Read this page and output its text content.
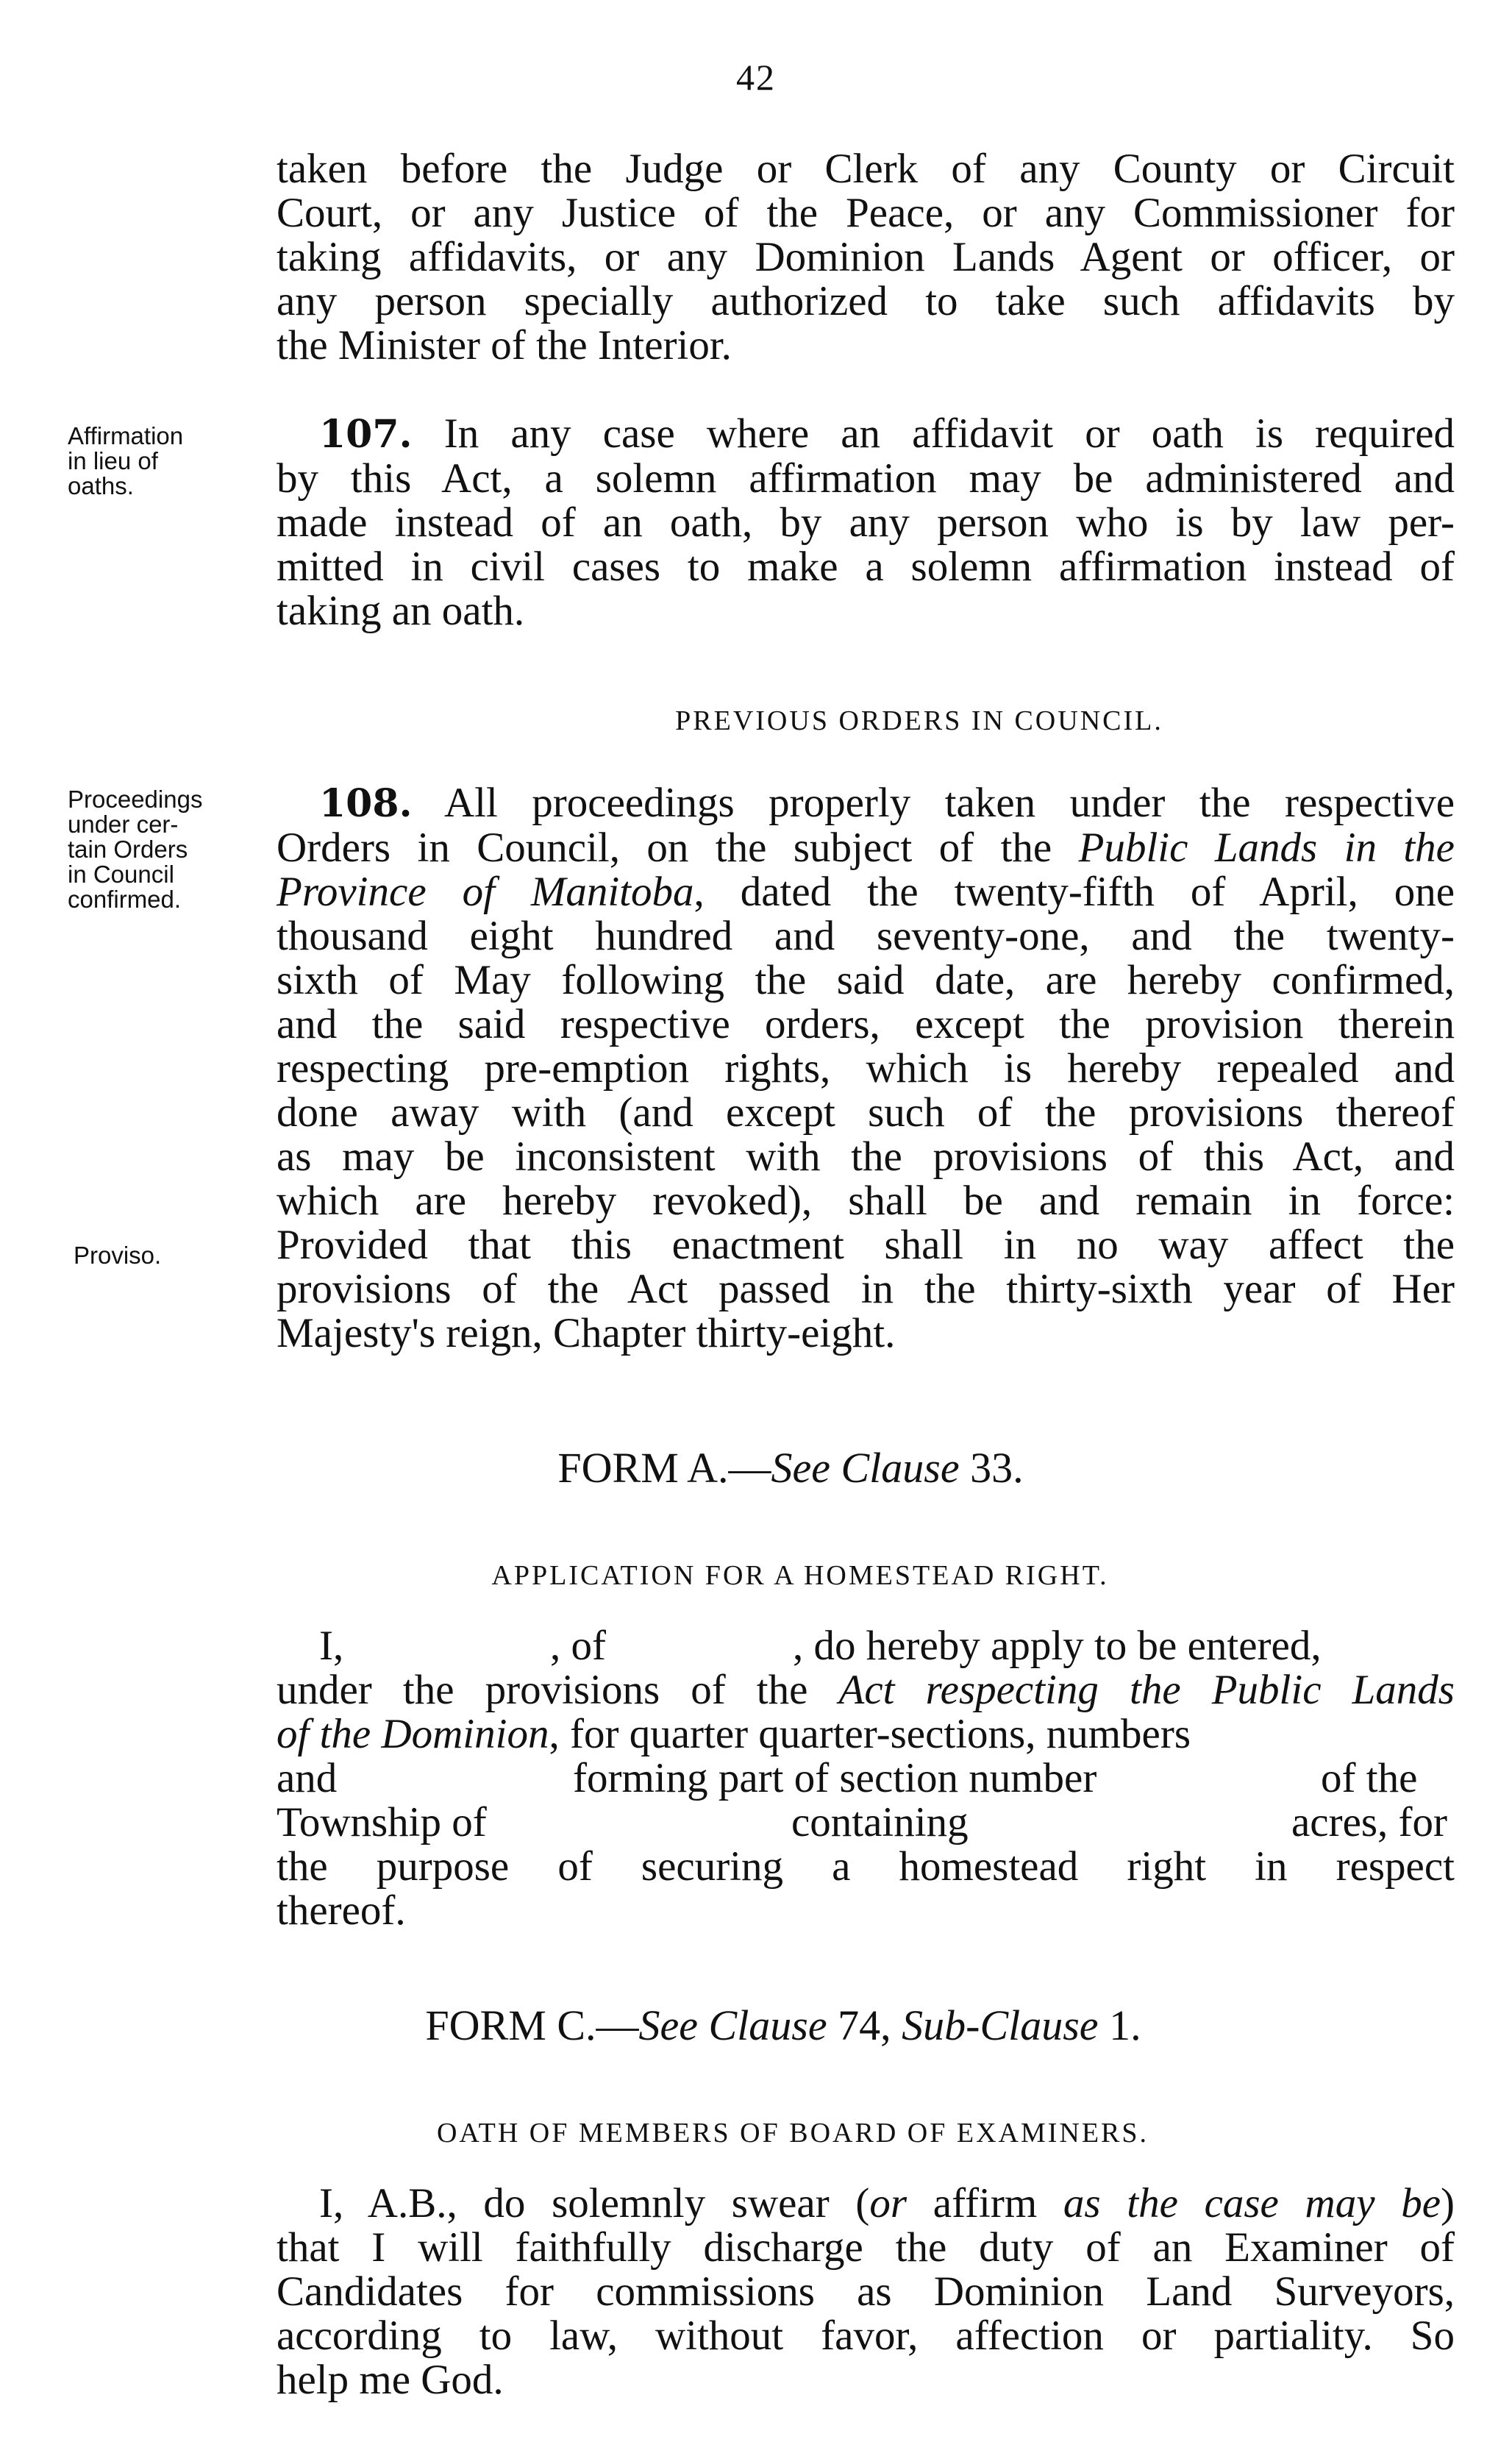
42

taken before the Judge or Clerk of any County or Circuit

Court, or any Justice of the Peace, or any Commissioner for

taking affidavits, or any Dominion Lands Agent or officer, or

any person specially authorized to take such affidavits by

the Minister of the Interior.

Affirmation
in lieu of
oaths.

107. In any case where an affidavit or oath is required

by this Act, a solemn affirmation may be administered and

made instead of an oath, by any person who is by law per-

mitted in civil cases to make a solemn affirmation instead of

taking an oath.

PREVIOUS ORDERS IN COUNCIL.
Proceedings
under cer-
tain Orders
in Council
confirmed.
Proviso.

108. All proceedings properly taken under the respective

Orders in Council, on the subject of the Public Lands in the

Province of Manitoba, dated the twenty-fifth of April, one

thousand eight hundred and seventy-one, and the twenty-

sixth of May following the said date, are hereby confirmed,

and the said respective orders, except the provision therein

respecting pre-emption rights, which is hereby repealed and

done away with (and except such of the provisions thereof

as may be inconsistent with the provisions of this Act, and

which are hereby revoked), shall be and remain in force:

Provided that this enactment shall in no way affect the

provisions of the Act passed in the thirty-sixth year of Her

Majesty's reign, Chapter thirty-eight.

FORM A.—See Clause 33.
APPLICATION FOR A HOMESTEAD RIGHT.
I,	, of	, do hereby apply to be entered,

under the provisions of the Act respecting the Public Lands

of the Dominion, for quarter quarter-sections, numbers

and	forming part of section number	of the
Township of	containing	acres, for

the purpose of securing a homestead right in respect

thereof.

FORM C.—See Clause 74, Sub-Clause 1.
OATH OF MEMBERS OF BOARD OF EXAMINERS.

I, A.B., do solemnly swear (or affirm as the case may be)

that I will faithfully discharge the duty of an Examiner of

Candidates for commissions as Dominion Land Surveyors,

according to law, without favor, affection or partiality. So

help me God.
